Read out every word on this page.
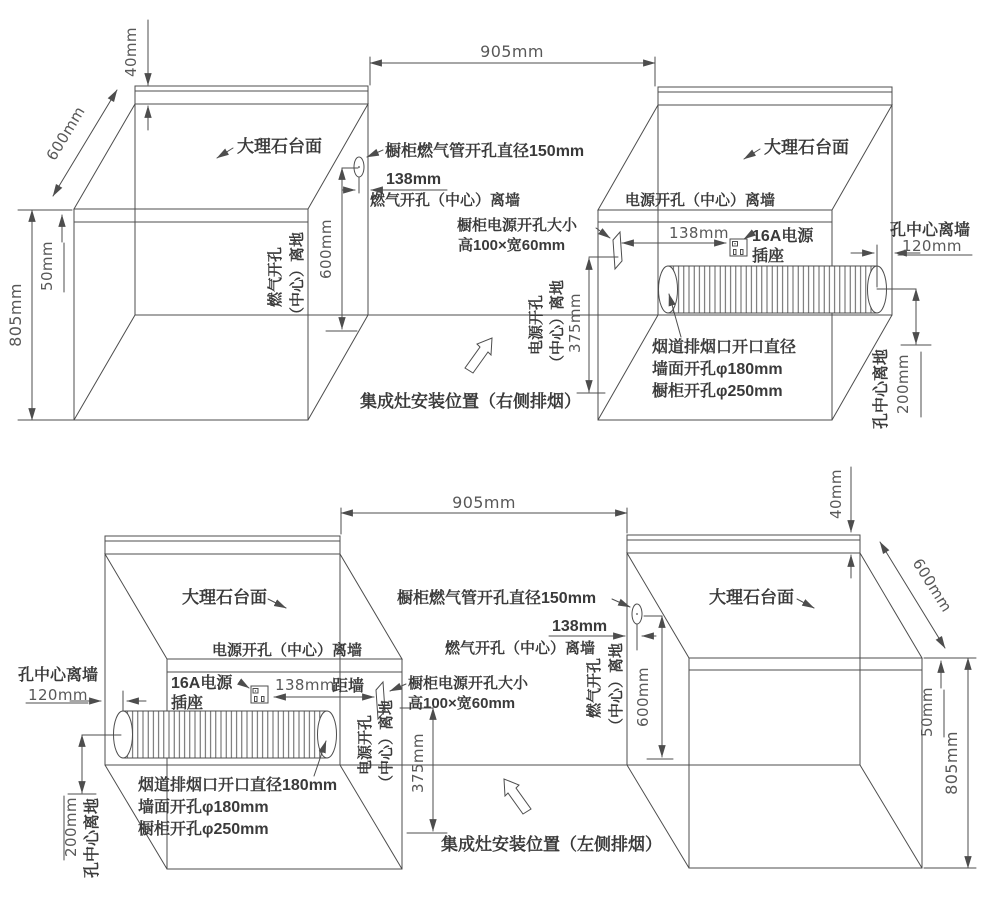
905mm
40mm
600mm
50mm
805mm
大理石台面	大理石台面
橱柜燃气管开孔直径150mm
138mm
燃气开孔（中心）离墙
燃气开孔 （中心）离地 600mm	橱柜电源开孔大小
高100×宽60mm
电源开孔（中心）离墙
138mm 16A电源
插座
电源开孔 （中心）离地 375mm
孔中心离墙
120mm
烟道排烟口开口直径
墙面开孔φ180mm
橱柜开孔φ250mm	孔中心离地 200mm
集成灶安装位置（右侧排烟）
905mm	40mm
600mm
50mm
805mm
大理石台面	大理石台面
电源开孔（中心）离墙
孔中心离墙
120mm
16A电源
插座
138mm
距墙	橱柜电源开孔大小
高100×宽60mm
橱柜燃气管开孔直径150mm
138mm
燃气开孔（中心）离墙
燃气开孔 （中心）离地 600mm
电源开孔 （中心）离地 375mm
烟道排烟口开口直径180mm
墙面开孔φ180mm
橱柜开孔φ250mm
200mm 孔中心离地	集成灶安装位置（左侧排烟）
